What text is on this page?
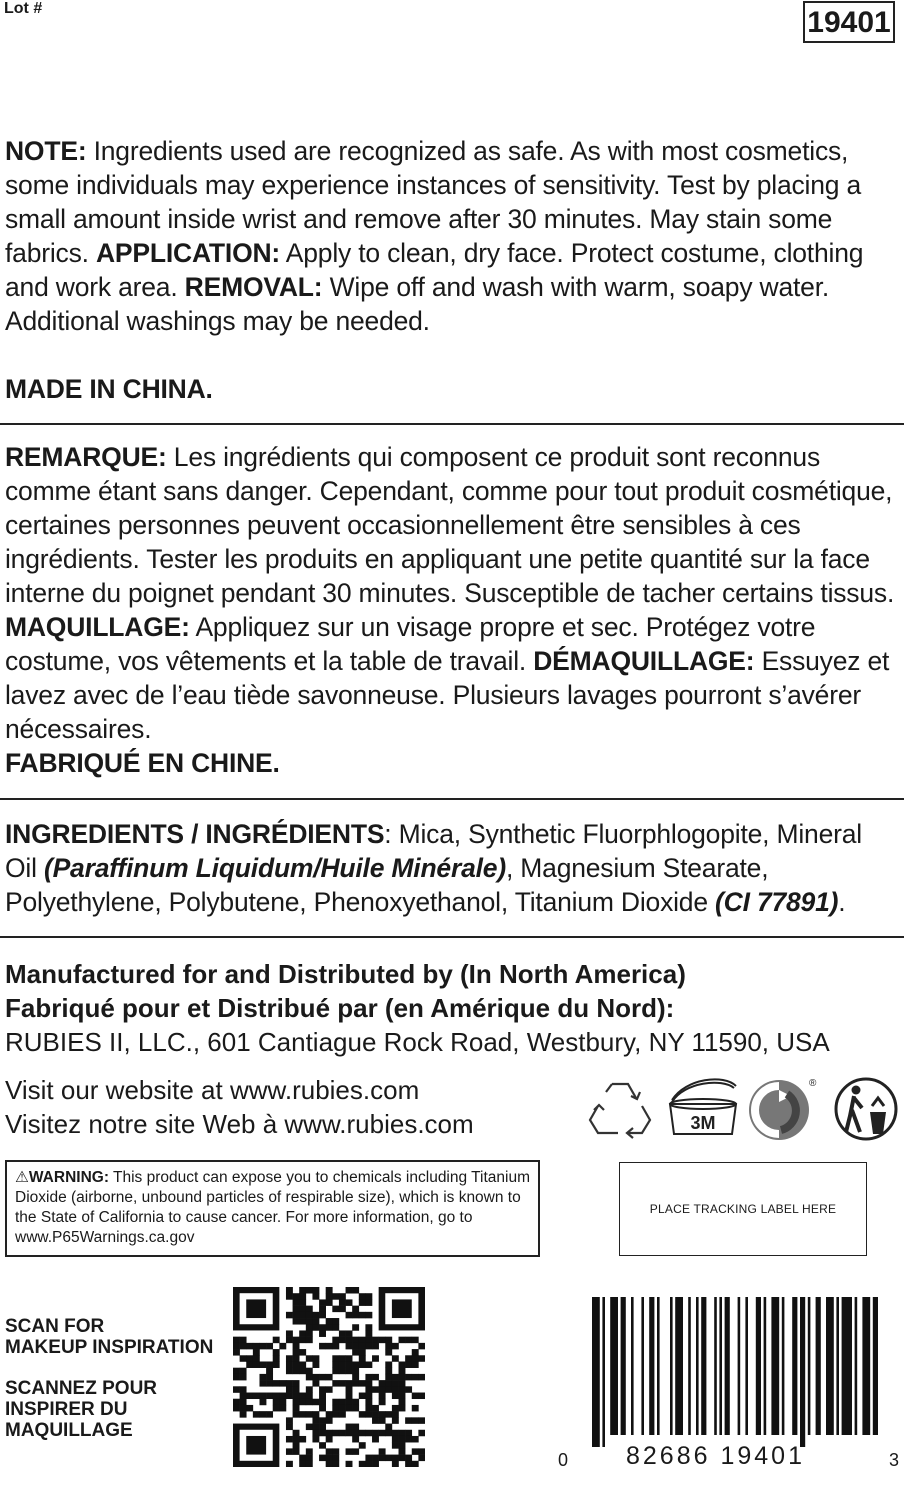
Lot #	19401
NOTE: Ingredients used are recognized as safe. As with most cosmetics, some individuals may experience instances of sensitivity. Test by placing a small amount inside wrist and remove after 30 minutes. May stain some fabrics. APPLICATION: Apply to clean, dry face. Protect costume, clothing and work area. REMOVAL: Wipe off and wash with warm, soapy water. Additional washings may be needed.
MADE IN CHINA.
REMARQUE: Les ingrédients qui composent ce produit sont reconnus comme étant sans danger. Cependant, comme pour tout produit cosmétique, certaines personnes peuvent occasionnellement être sensibles à ces ingrédients. Tester les produits en appliquant une petite quantité sur la face interne du poignet pendant 30 minutes. Susceptible de tacher certains tissus. MAQUILLAGE: Appliquez sur un visage propre et sec. Protégez votre costume, vos vêtements et la table de travail. DÉMAQUILLAGE: Essuyez et lavez avec de l’eau tiède savonneuse. Plusieurs lavages pourront s’avérer nécessaires.
FABRIQUÉ EN CHINE.
INGREDIENTS / INGRÉDIENTS: Mica, Synthetic Fluorphlogopite, Mineral Oil (Paraffinum Liquidum/Huile Minérale), Magnesium Stearate, Polyethylene, Polybutene, Phenoxyethanol, Titanium Dioxide (CI 77891).
Manufactured for and Distributed by (In North America)
Fabriqué pour et Distribué par (en Amérique du Nord):
RUBIES II, LLC., 601 Cantiague Rock Road, Westbury, NY 11590, USA
Visit our website at www.rubies.com
Visitez notre site Web à www.rubies.com	3M
®
⚠WARNING: This product can expose you to chemicals including Titanium Dioxide (airborne, unbound particles of respirable size), which is known to the State of California to cause cancer. For more information, go to www.P65Warnings.ca.gov
PLACE TRACKING LABEL HERE
SCAN FOR
MAKEUP INSPIRATION
SCANNEZ POUR
INSPIRER DU
MAQUILLAGE
0 82686 19401	3
